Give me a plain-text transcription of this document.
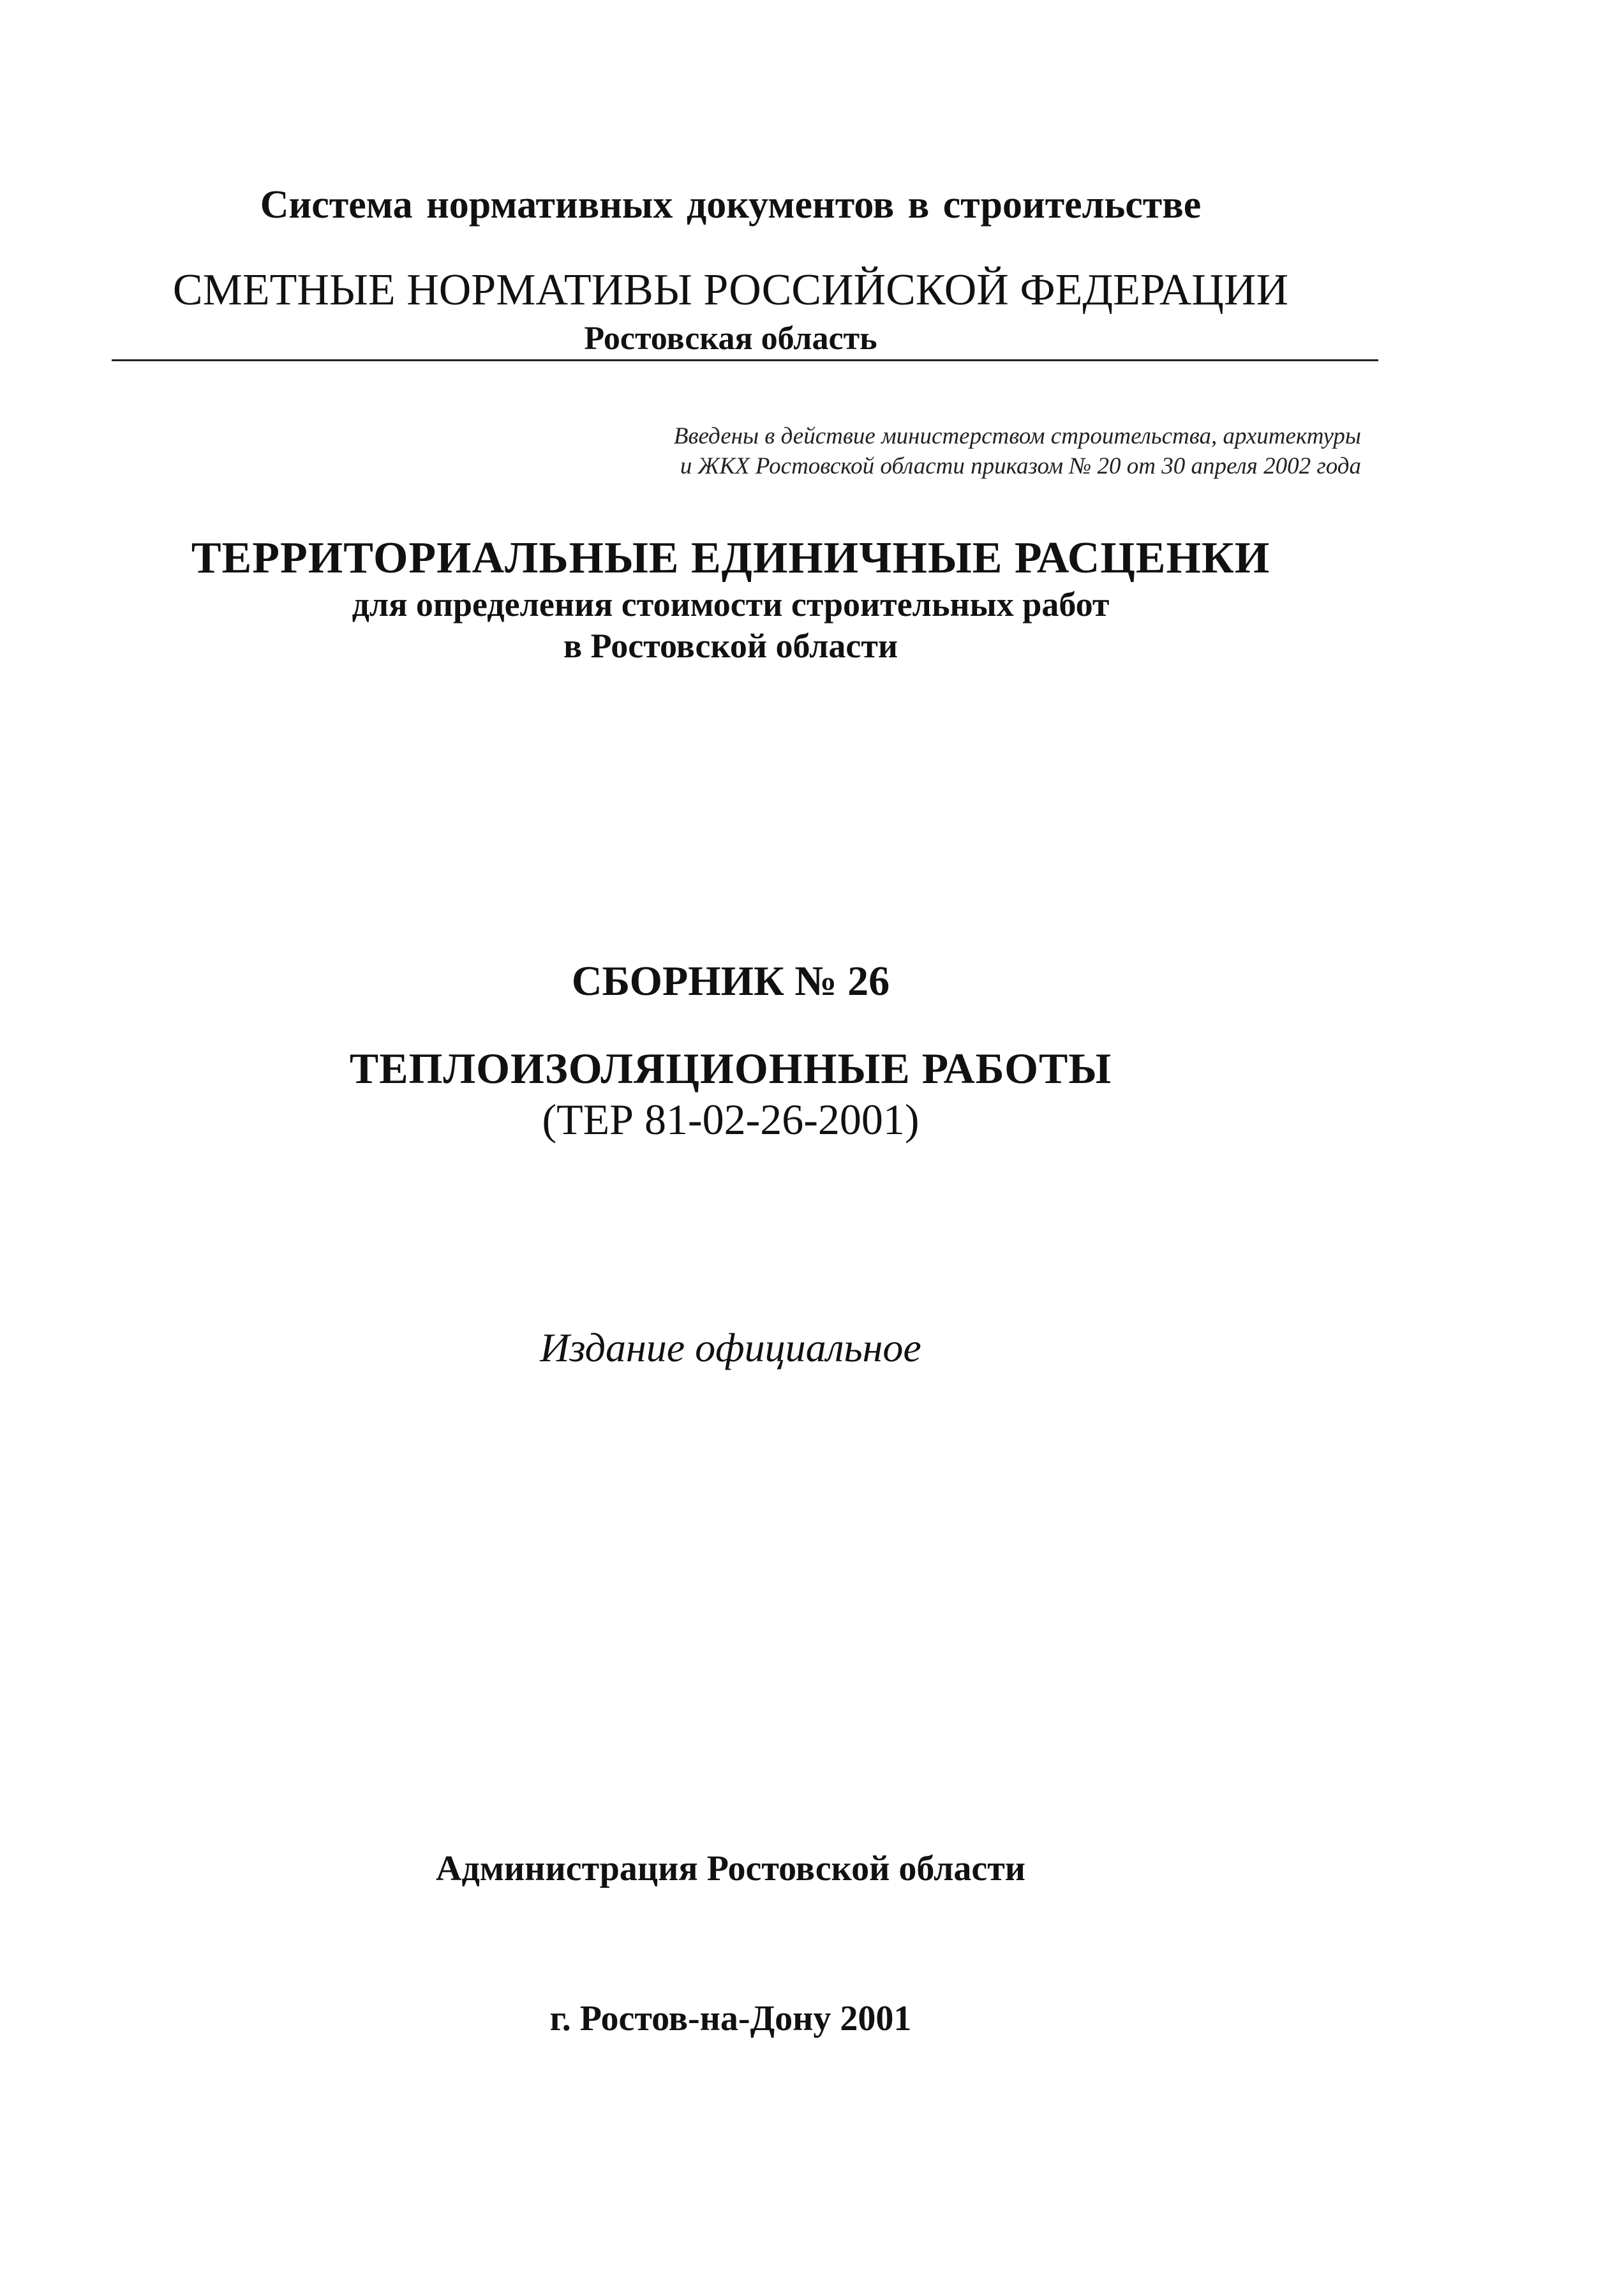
Система нормативных документов в строительстве
СМЕТНЫЕ НОРМАТИВЫ РОССИЙСКОЙ ФЕДЕРАЦИИ
Ростовская область
Введены в действие министерством строительства, архитектуры
и ЖКХ Ростовской области приказом № 20 от 30 апреля 2002 года
ТЕРРИТОРИАЛЬНЫЕ ЕДИНИЧНЫЕ РАСЦЕНКИ
для определения стоимости строительных работ
в Ростовской области
СБОРНИК № 26
ТЕПЛОИЗОЛЯЦИОННЫЕ РАБОТЫ
(ТЕР 81-02-26-2001)
Издание официальное
Администрация Ростовской области
г. Ростов-на-Дону 2001
